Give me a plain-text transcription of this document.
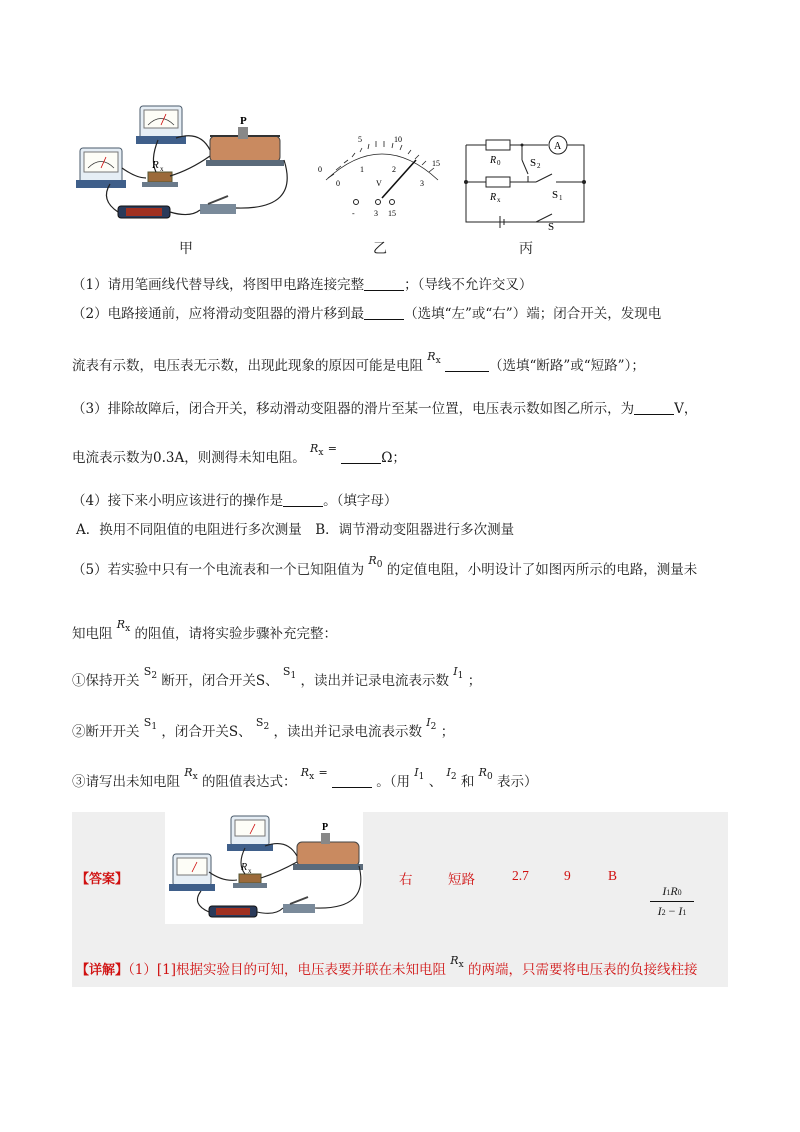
P
R x	0
5	10
15
0
1	2
3
V
- 3 15
A
R 0
R x
S 2
S 1
S
甲	乙	丙
（1）请用笔画线代替导线，将图甲电路连接完整	；（导线不允许交叉）
（2）电路接通前，应将滑动变阻器的滑片移到最	（选填“左”或“右”）端；闭合开关，发现电
流表有示数，电压表无示数，出现此现象的原因可能是电阻 $^{R_x}$	（选填“断路”或“短路”）；
（3）排除故障后，闭合开关，移动滑动变阻器的滑片至某一位置，电压表示数如图乙所示，为	V，
电流表示数为0.3A，则测得未知电阻。 $^{R_x}$ = Ω；
（4）接下来小明应该进行的操作是	。（填字母）
A．换用不同阻值的电阻进行多次测量　B．调节滑动变阻器进行多次测量
（5）若实验中只有一个电流表和一个已知阻值为 $^{R_0}$ 的定值电阻，小明设计了如图丙所示的电路，测量未
知电阻 $^{R_x}$ 的阻值，请将实验步骤补充完整：
①保持开关 $^{S_2}$ 断开，闭合开关S、 $^{S_1}$ ，读出并记录电流表示数 $^{I_1}$ ；
②断开开关 $^{S_1}$ ，闭合开关S、 $^{S_2}$ ，读出并记录电流表示数 $^{I_2}$ ；
③请写出未知电阻 $^{R_x}$ 的阻值表达式： $^{R_x}$ =  。（用 $^{I_1}$ 、 $^{I_2}$ 和 $^{R_0}$ 表示）
【答案】
P
R x
右	短路	2.7	9	B
I1R0
I2 − I1
【详解】（1）[1]根据实验目的可知，电压表要并联在未知电阻 $^{R_x}$ 的两端，只需要将电压表的负接线柱接
